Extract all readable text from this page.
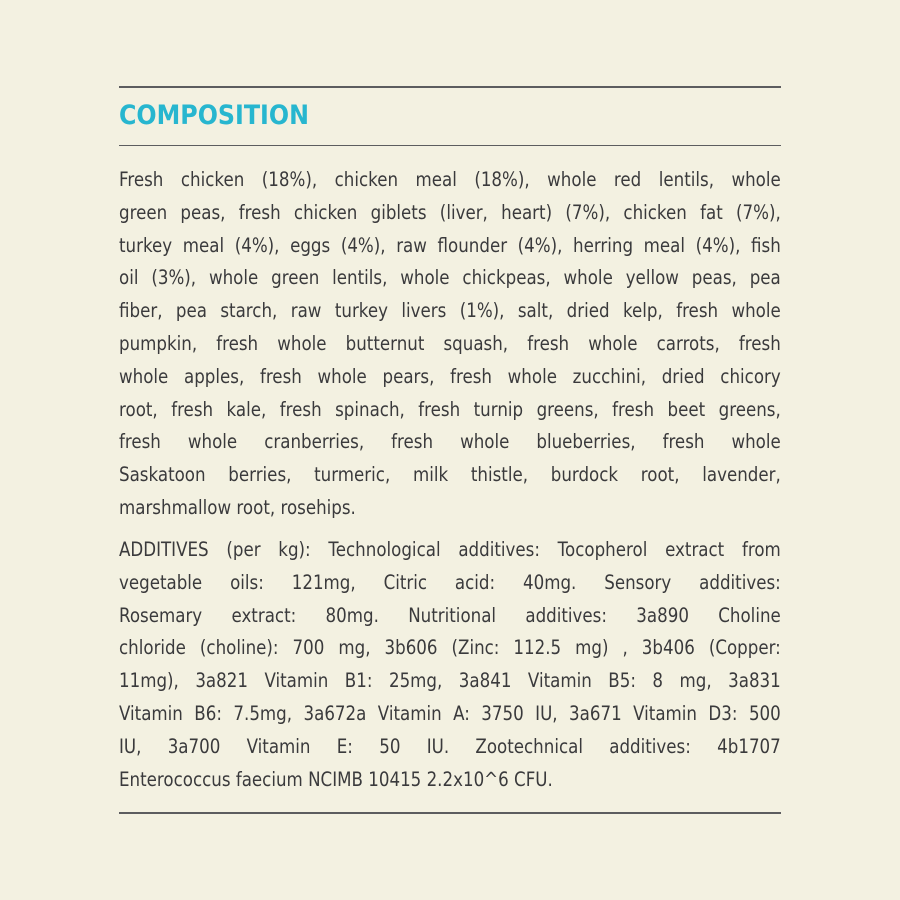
COMPOSITION
Fresh chicken (18%), chicken meal (18%), whole red lentils, whole
green peas, fresh chicken giblets (liver, heart) (7%), chicken fat (7%),
turkey meal (4%), eggs (4%), raw flounder (4%), herring meal (4%), fish
oil (3%), whole green lentils, whole chickpeas, whole yellow peas, pea
fiber, pea starch, raw turkey livers (1%), salt, dried kelp, fresh whole
pumpkin, fresh whole butternut squash, fresh whole carrots, fresh
whole apples, fresh whole pears, fresh whole zucchini, dried chicory
root, fresh kale, fresh spinach, fresh turnip greens, fresh beet greens,
fresh whole cranberries, fresh whole blueberries, fresh whole
Saskatoon berries, turmeric, milk thistle, burdock root, lavender,
marshmallow root, rosehips.
ADDITIVES (per kg): Technological additives: Tocopherol extract from
vegetable oils: 121mg, Citric acid: 40mg. Sensory additives:
Rosemary extract: 80mg. Nutritional additives: 3a890 Choline
chloride (choline): 700 mg, 3b606 (Zinc: 112.5 mg) , 3b406 (Copper:
11mg), 3a821 Vitamin B1: 25mg, 3a841 Vitamin B5: 8 mg, 3a831
Vitamin B6: 7.5mg, 3a672a Vitamin A: 3750 IU, 3a671 Vitamin D3: 500
IU, 3a700 Vitamin E: 50 IU. Zootechnical additives: 4b1707
Enterococcus faecium NCIMB 10415 2.2x10^6 CFU.
